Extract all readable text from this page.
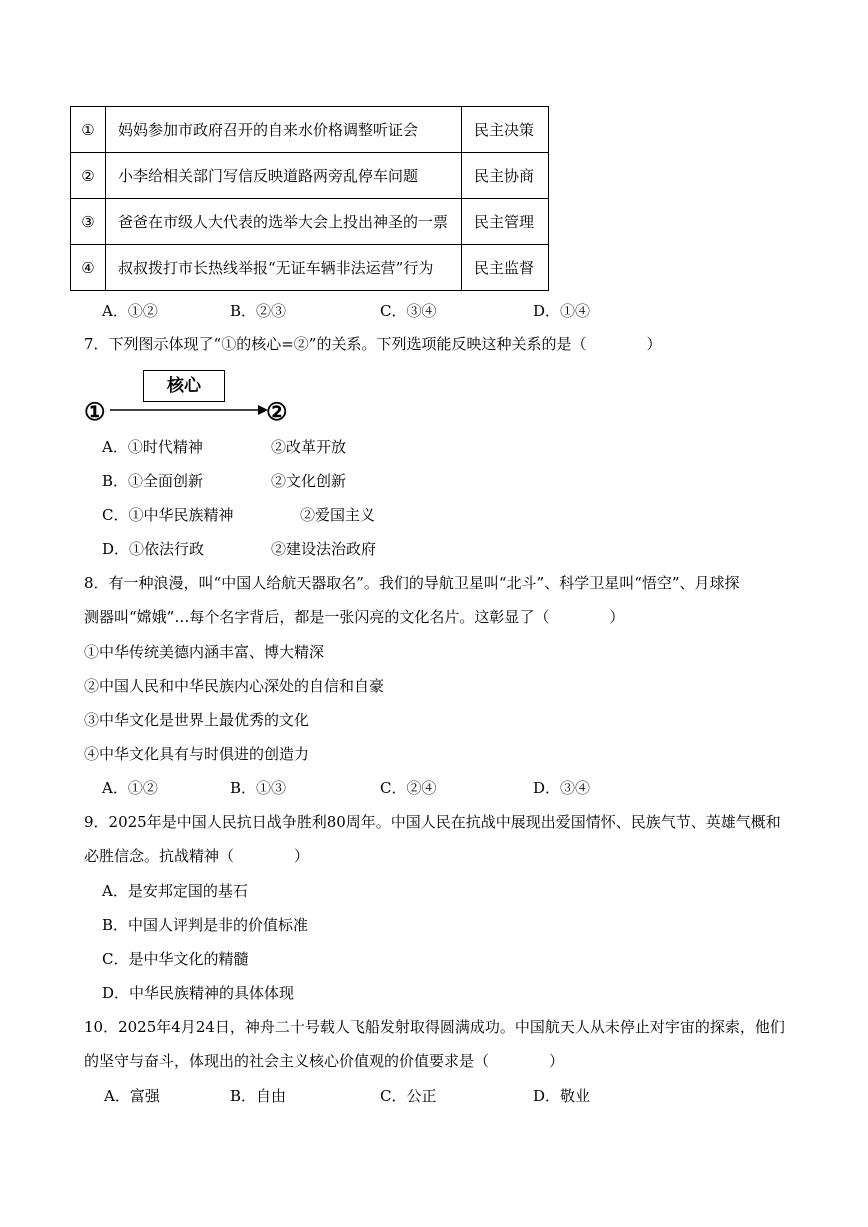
①	妈妈参加市政府召开的自来水价格调整听证会	民主决策
②	小李给相关部门写信反映道路两旁乱停车问题	民主协商
③	爸爸在市级人大代表的选举大会上投出神圣的一票	民主管理
④	叔叔拨打市长热线举报“无证车辆非法运营”行为	民主监督
A．①②	B．②③	C．③④	D．①④
7．下列图示体现了“①的核心=②”的关系。下列选项能反映这种关系的是（　　　　）
①
核心
②
A．①时代精神	②改革开放
B．①全面创新	②文化创新
C．①中华民族精神	②爱国主义
D．①依法行政	②建设法治政府
8．有一种浪漫，叫“中国人给航天器取名”。我们的导航卫星叫“北斗”、科学卫星叫“悟空”、月球探
测器叫“嫦娥”…每个名字背后，都是一张闪亮的文化名片。这彰显了（　　　　）
①中华传统美德内涵丰富、博大精深
②中国人民和中华民族内心深处的自信和自豪
③中华文化是世界上最优秀的文化
④中华文化具有与时俱进的创造力
A．①②	B．①③	C．②④	D．③④
9．2025年是中国人民抗日战争胜利80周年。中国人民在抗战中展现出爱国情怀、民族气节、英雄气概和
必胜信念。抗战精神（　　　　）
A．是安邦定国的基石
B．中国人评判是非的价值标准
C．是中华文化的精髓
D．中华民族精神的具体体现
10．2025年4月24日，神舟二十号载人飞船发射取得圆满成功。中国航天人从未停止对宇宙的探索，他们
的坚守与奋斗，体现出的社会主义核心价值观的价值要求是（　　　　）
A．富强	B．自由	C．公正	D．敬业
